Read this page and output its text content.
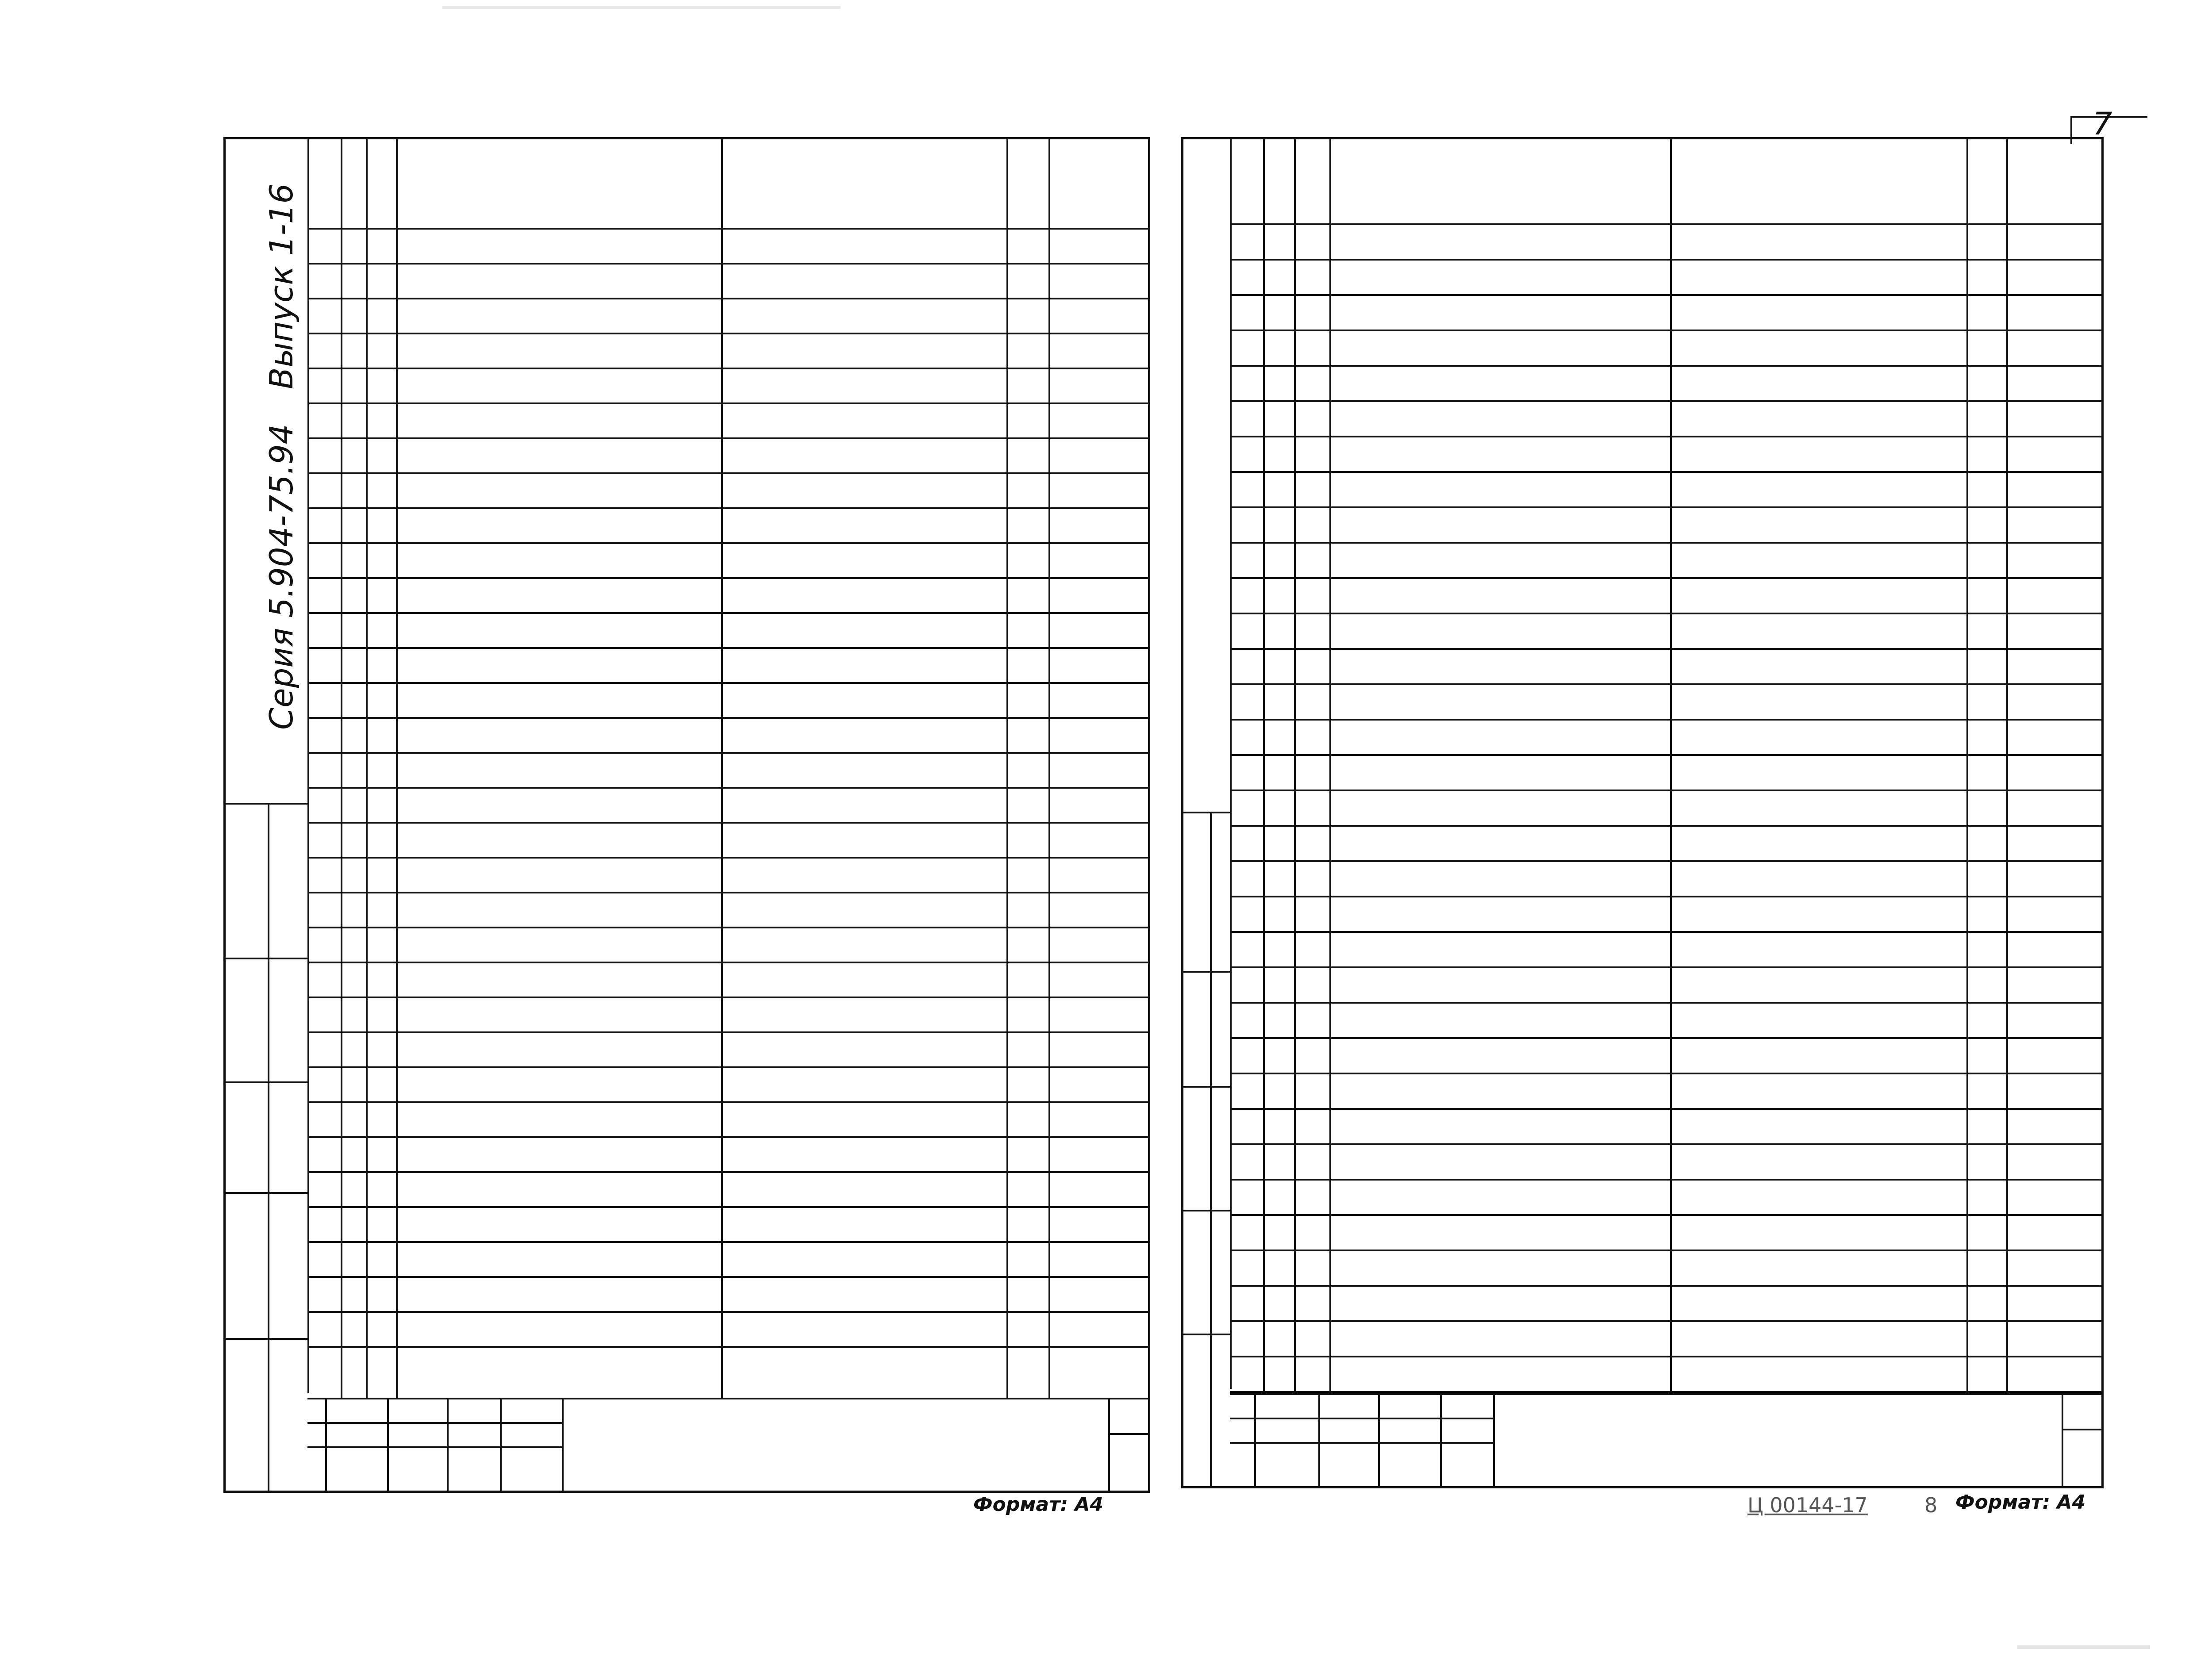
Серия 5.904-75.94
Выпуск 1-16
7
Формат: А4	Формат: А4
Ц 00144-17	8
